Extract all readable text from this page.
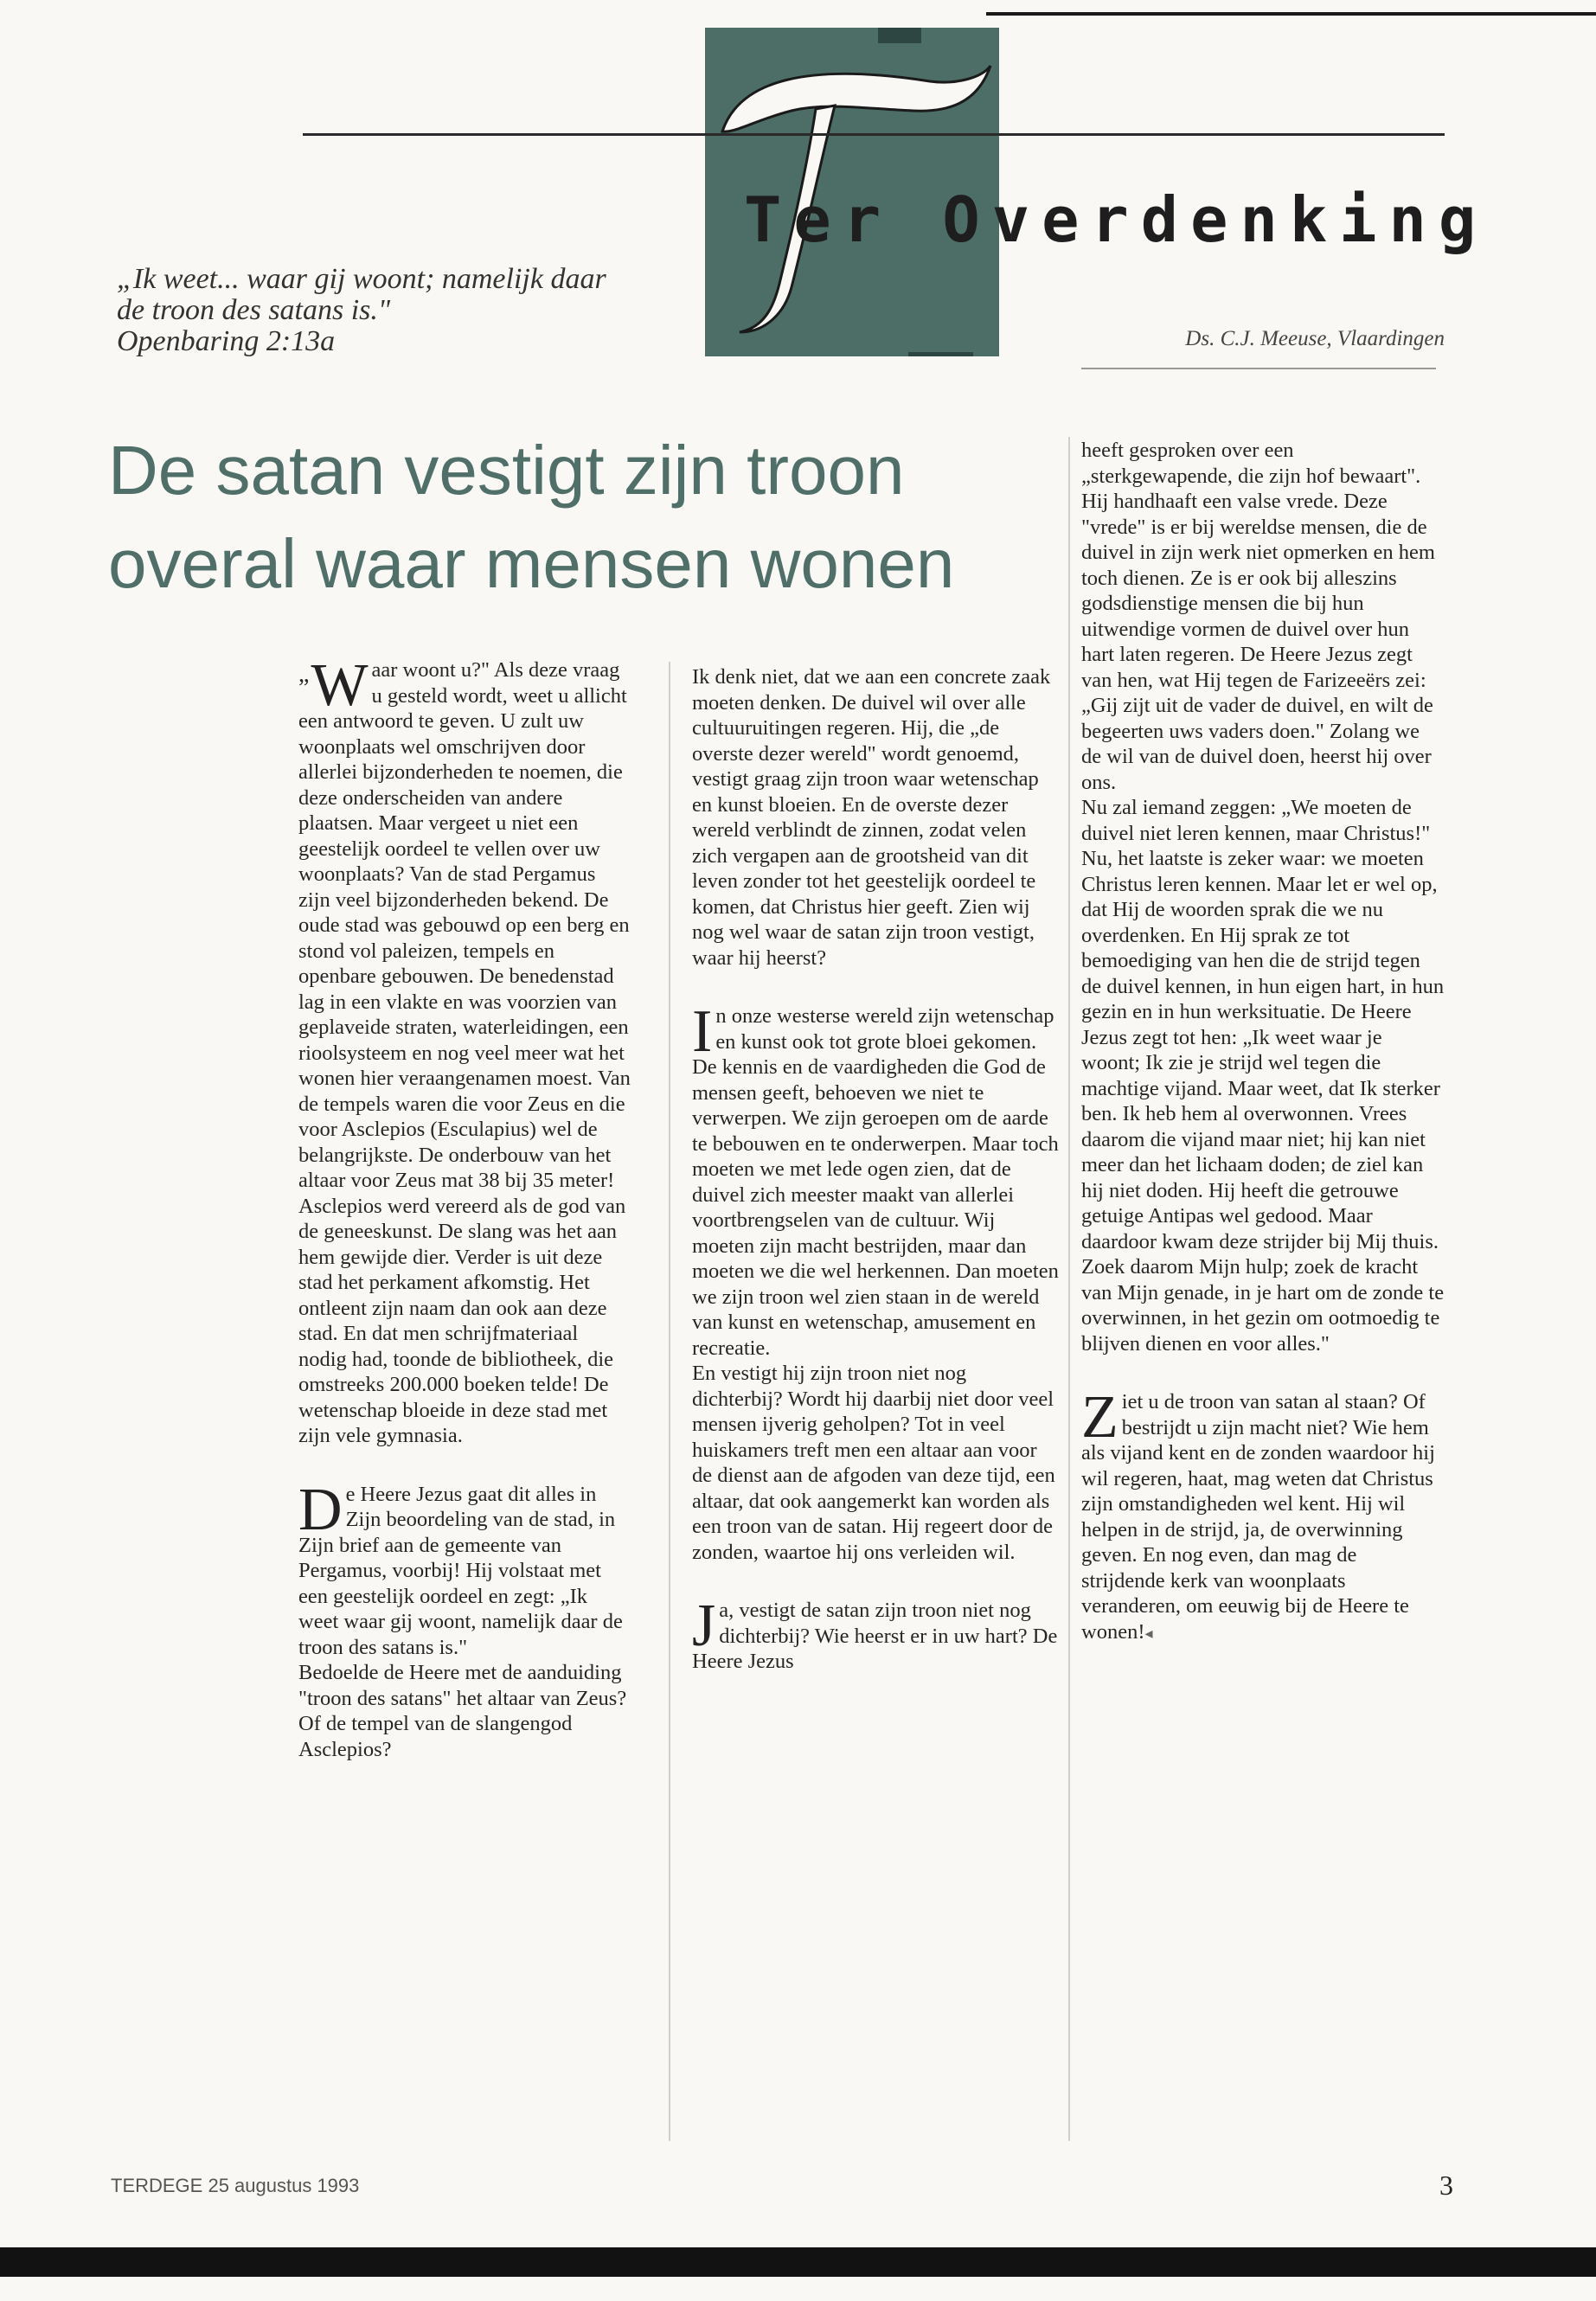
Ter Overdenking
„Ik weet... waar gij woont; namelijk daar
de troon des satans is."
Openbaring 2:13a	Ds. C.J. Meeuse, Vlaardingen
De satan vestigt zijn troon
overal waar mensen wonen

„ W aar woont u?" Als deze vraag u gesteld wordt, weet u allicht een antwoord te geven. U zult uw woonplaats wel omschrijven door allerlei bijzonderheden te noemen, die deze onderscheiden van andere plaatsen. Maar vergeet u niet een geestelijk oordeel te vellen over uw woonplaats? Van de stad Pergamus zijn veel bijzonderheden bekend. De oude stad was gebouwd op een berg en stond vol paleizen, tempels en openbare gebouwen. De benedenstad lag in een vlakte en was voorzien van geplaveide straten, waterleidingen, een rioolsysteem en nog veel meer wat het wonen hier veraangenamen moest. Van de tempels waren die voor Zeus en die voor Asclepios (Esculapius) wel de belangrijkste. De onderbouw van het altaar voor Zeus mat 38 bij 35 meter! Asclepios werd vereerd als de god van de geneeskunst. De slang was het aan hem gewijde dier. Verder is uit deze stad het perkament afkomstig. Het ontleent zijn naam dan ook aan deze stad. En dat men schrijfmateriaal nodig had, toonde de bibliotheek, die omstreeks 200.000 boeken telde! De wetenschap bloeide in deze stad met zijn vele gymnasia.

De Heere Jezus gaat dit alles in Zijn beoordeling van de stad, in Zijn brief aan de gemeente van Pergamus, voorbij! Hij volstaat met een geestelijk oordeel en zegt: „Ik weet waar gij woont, namelijk daar de troon des satans is."

Bedoelde de Heere met de aanduiding "troon des satans" het altaar van Zeus? Of de tempel van de slangengod Asclepios?

Ik denk niet, dat we aan een concrete zaak moeten denken. De duivel wil over alle cultuuruitingen regeren. Hij, die „de overste dezer wereld" wordt genoemd, vestigt graag zijn troon waar wetenschap en kunst bloeien. En de overste dezer wereld verblindt de zinnen, zodat velen zich vergapen aan de grootsheid van dit leven zonder tot het geestelijk oordeel te komen, dat Christus hier geeft. Zien wij nog wel waar de satan zijn troon vestigt, waar hij heerst?

In onze westerse wereld zijn wetenschap en kunst ook tot grote bloei gekomen. De kennis en de vaardigheden die God de mensen geeft, behoeven we niet te verwerpen. We zijn geroepen om de aarde te bebouwen en te onderwerpen. Maar toch moeten we met lede ogen zien, dat de duivel zich meester maakt van allerlei voortbrengselen van de cultuur. Wij moeten zijn macht bestrijden, maar dan moeten we die wel herkennen. Dan moeten we zijn troon wel zien staan in de wereld van kunst en wetenschap, amusement en recreatie.

En vestigt hij zijn troon niet nog dichterbij? Wordt hij daarbij niet door veel mensen ijverig geholpen? Tot in veel huiskamers treft men een altaar aan voor de dienst aan de afgoden van deze tijd, een altaar, dat ook aangemerkt kan worden als een troon van de satan. Hij regeert door de zonden, waartoe hij ons verleiden wil.

Ja, vestigt de satan zijn troon niet nog dichterbij? Wie heerst er in uw hart? De Heere Jezus

heeft gesproken over een „sterkgewapende, die zijn hof bewaart". Hij handhaaft een valse vrede. Deze "vrede" is er bij wereldse mensen, die de duivel in zijn werk niet opmerken en hem toch dienen. Ze is er ook bij alleszins godsdienstige mensen die bij hun uitwendige vormen de duivel over hun hart laten regeren. De Heere Jezus zegt van hen, wat Hij tegen de Farizeeërs zei: „Gij zijt uit de vader de duivel, en wilt de begeerten uws vaders doen." Zolang we de wil van de duivel doen, heerst hij over ons.

Nu zal iemand zeggen: „We moeten de duivel niet leren kennen, maar Christus!" Nu, het laatste is zeker waar: we moeten Christus leren kennen. Maar let er wel op, dat Hij de woorden sprak die we nu overdenken. En Hij sprak ze tot bemoediging van hen die de strijd tegen de duivel kennen, in hun eigen hart, in hun gezin en in hun werksituatie. De Heere Jezus zegt tot hen: „Ik weet waar je woont; Ik zie je strijd wel tegen die machtige vijand. Maar weet, dat Ik sterker ben. Ik heb hem al overwonnen. Vrees daarom die vijand maar niet; hij kan niet meer dan het lichaam doden; de ziel kan hij niet doden. Hij heeft die getrouwe getuige Antipas wel gedood. Maar daardoor kwam deze strijder bij Mij thuis. Zoek daarom Mijn hulp; zoek de kracht van Mijn genade, in je hart om de zonde te overwinnen, in het gezin om ootmoedig te blijven dienen en voor alles."

Ziet u de troon van satan al staan? Of bestrijdt u zijn macht niet? Wie hem als vijand kent en de zonden waardoor hij wil regeren, haat, mag weten dat Christus zijn omstandigheden wel kent. Hij wil helpen in de strijd, ja, de overwinning geven. En nog even, dan mag de strijdende kerk van woonplaats veranderen, om eeuwig bij de Heere te wonen!◂

TERDEGE 25 augustus 1993	3
